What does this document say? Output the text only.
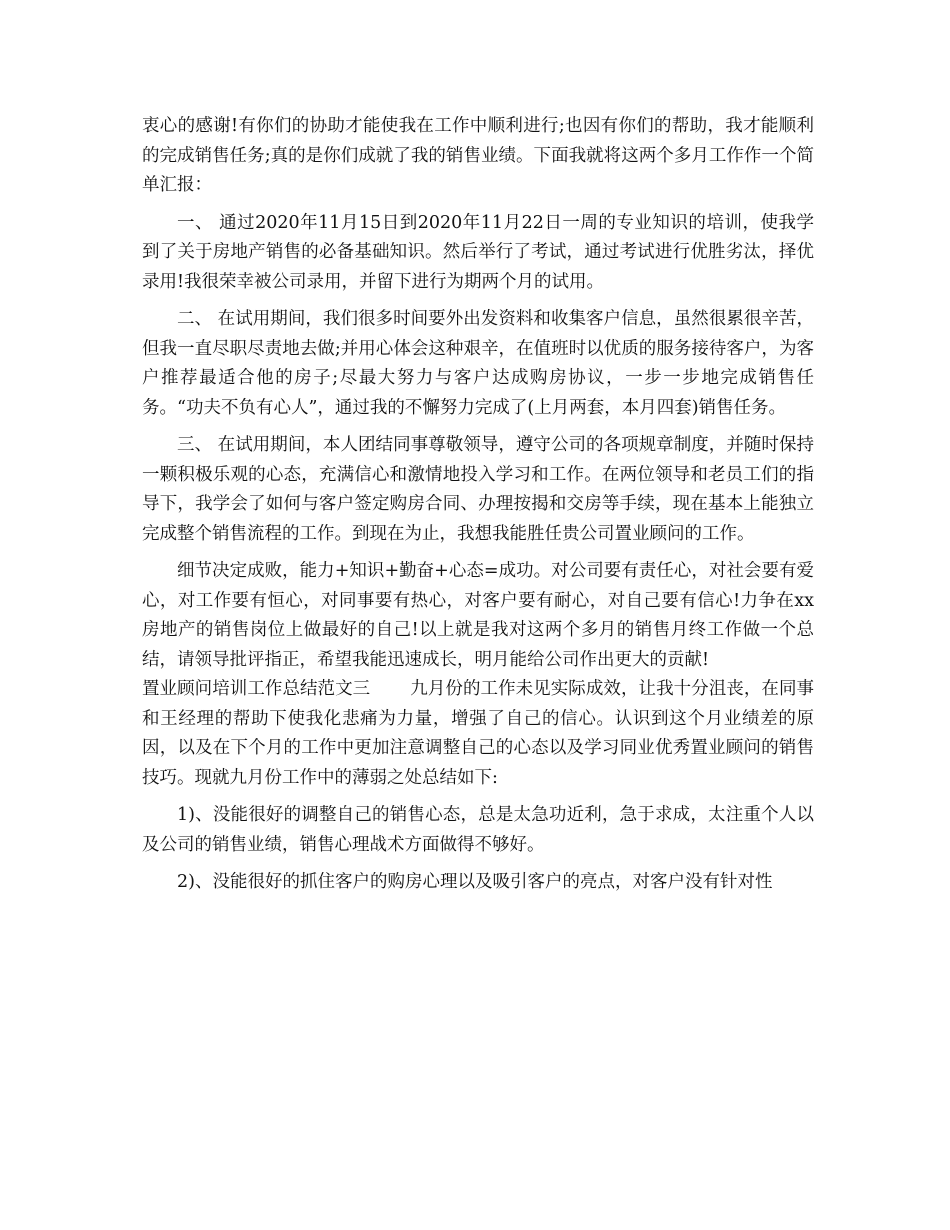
衷心的感谢!有你们的协助才能使我在工作中顺利进行;也因有你们的帮助，我才能顺利的完成销售任务;真的是你们成就了我的销售业绩。下面我就将这两个多月工作作一个简单汇报：

一、 通过2020年11月15日到2020年11月22日一周的专业知识的培训，使我学到了关于房地产销售的必备基础知识。然后举行了考试，通过考试进行优胜劣汰，择优录用!我很荣幸被公司录用，并留下进行为期两个月的试用。

二、 在试用期间，我们很多时间要外出发资料和收集客户信息，虽然很累很辛苦，但我一直尽职尽责地去做;并用心体会这种艰辛，在值班时以优质的服务接待客户，为客户推荐最适合他的房子;尽最大努力与客户达成购房协议，一步一步地完成销售任务。“功夫不负有心人”，通过我的不懈努力完成了(上月两套，本月四套)销售任务。

三、 在试用期间，本人团结同事尊敬领导，遵守公司的各项规章制度，并随时保持一颗积极乐观的心态，充满信心和激情地投入学习和工作。在两位领导和老员工们的指导下，我学会了如何与客户签定购房合同、办理按揭和交房等手续，现在基本上能独立完成整个销售流程的工作。到现在为止，我想我能胜任贵公司置业顾问的工作。

细节决定成败，能力+知识+勤奋+心态=成功。对公司要有责任心，对社会要有爱心，对工作要有恒心，对同事要有热心，对客户要有耐心，对自己要有信心!力争在xx房地产的销售岗位上做最好的自己!以上就是我对这两个多月的销售月终工作做一个总结，请领导批评指正，希望我能迅速成长，明月能给公司作出更大的贡献!

置业顾问培训工作总结范文三 九月份的工作未见实际成效，让我十分沮丧，在同事和王经理的帮助下使我化悲痛为力量，增强了自己的信心。认识到这个月业绩差的原因，以及在下个月的工作中更加注意调整自己的心态以及学习同业优秀置业顾问的销售技巧。现就九月份工作中的薄弱之处总结如下:

1)、没能很好的调整自己的销售心态，总是太急功近利，急于求成，太注重个人以及公司的销售业绩，销售心理战术方面做得不够好。

2)、没能很好的抓住客户的购房心理以及吸引客户的亮点，对客户没有针对性
